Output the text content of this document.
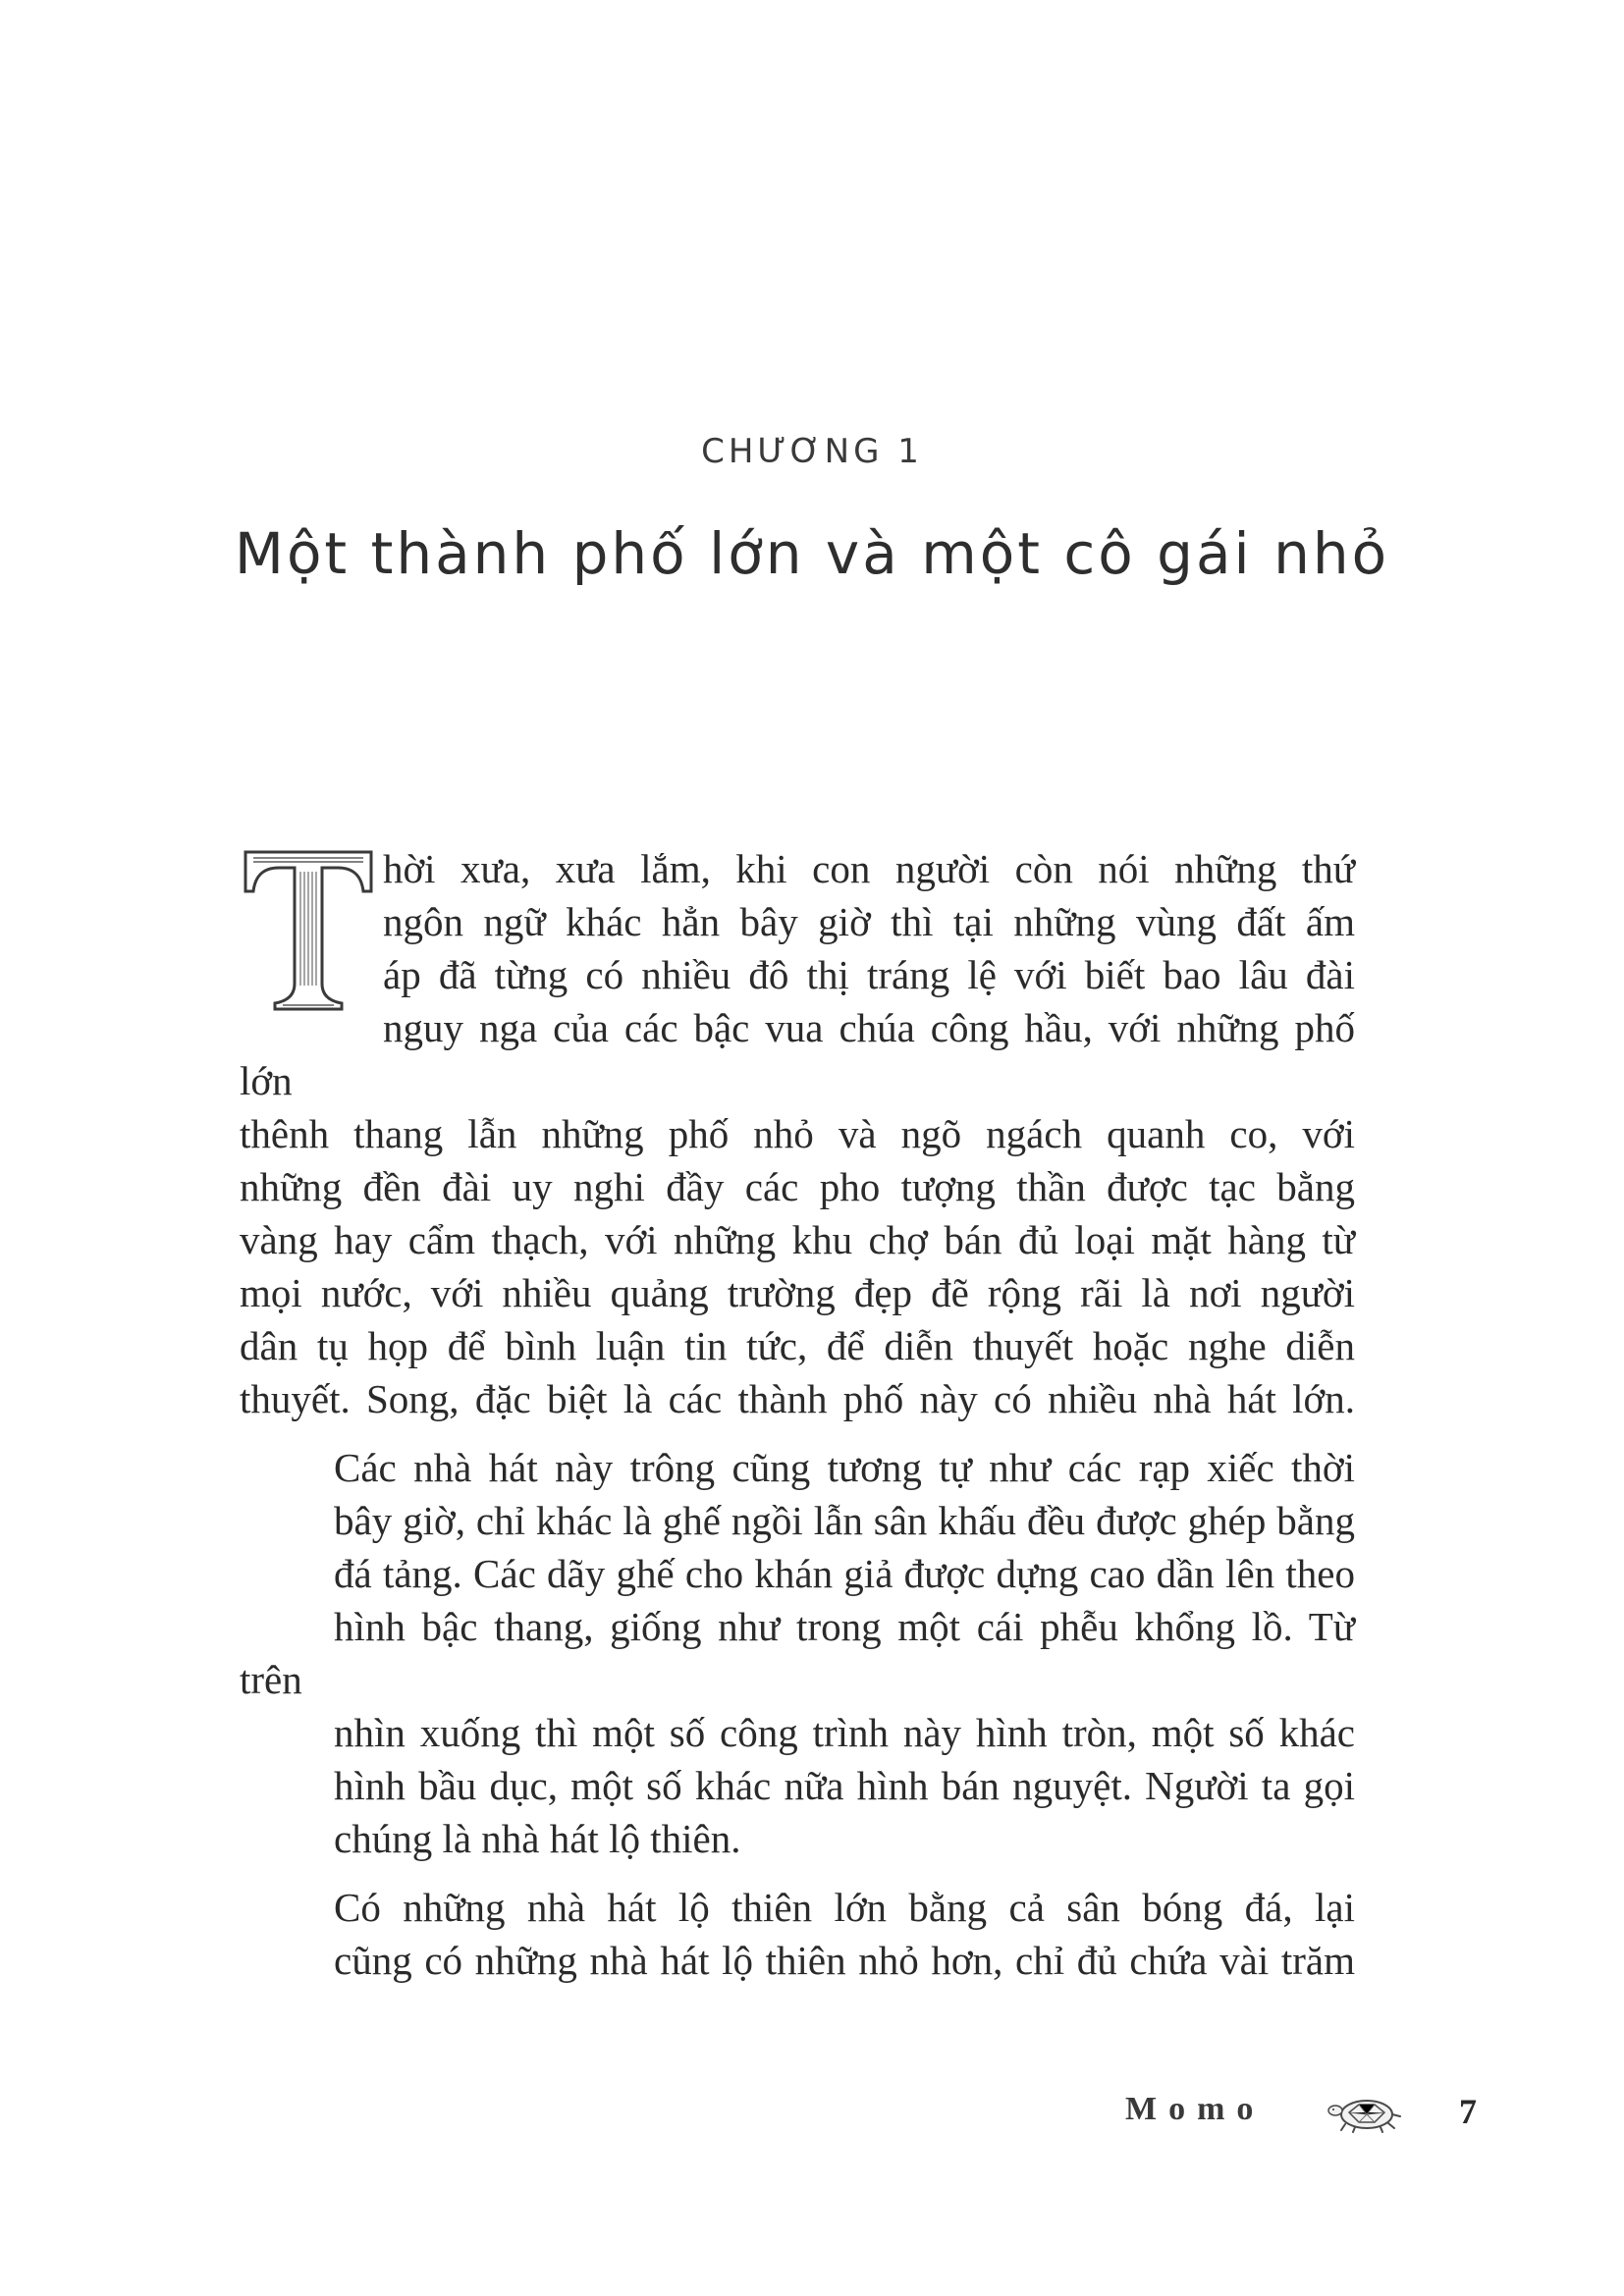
CHƯƠNG 1
Một thành phố lớn và một cô gái nhỏ

hời xưa, xưa lắm, khi con người còn nói những thứ
ngôn ngữ khác hẳn bây giờ thì tại những vùng đất ấm
áp đã từng có nhiều đô thị tráng lệ với biết bao lâu đài
nguy nga của các bậc vua chúa công hầu, với những phố lớn
thênh thang lẫn những phố nhỏ và ngõ ngách quanh co, với
những đền đài uy nghi đầy các pho tượng thần được tạc bằng
vàng hay cẩm thạch, với những khu chợ bán đủ loại mặt hàng từ
mọi nước, với nhiều quảng trường đẹp đẽ rộng rãi là nơi người
dân tụ họp để bình luận tin tức, để diễn thuyết hoặc nghe diễn
thuyết. Song, đặc biệt là các thành phố này có nhiều nhà hát lớn.

Các nhà hát này trông cũng tương tự như các rạp xiếc thời
bây giờ, chỉ khác là ghế ngồi lẫn sân khấu đều được ghép bằng
đá tảng. Các dãy ghế cho khán giả được dựng cao dần lên theo
hình bậc thang, giống như trong một cái phễu khổng lồ. Từ trên
nhìn xuống thì một số công trình này hình tròn, một số khác
hình bầu dục, một số khác nữa hình bán nguyệt. Người ta gọi
chúng là nhà hát lộ thiên.

Có những nhà hát lộ thiên lớn bằng cả sân bóng đá, lại
cũng có những nhà hát lộ thiên nhỏ hơn, chỉ đủ chứa vài trăm

Momo	7
